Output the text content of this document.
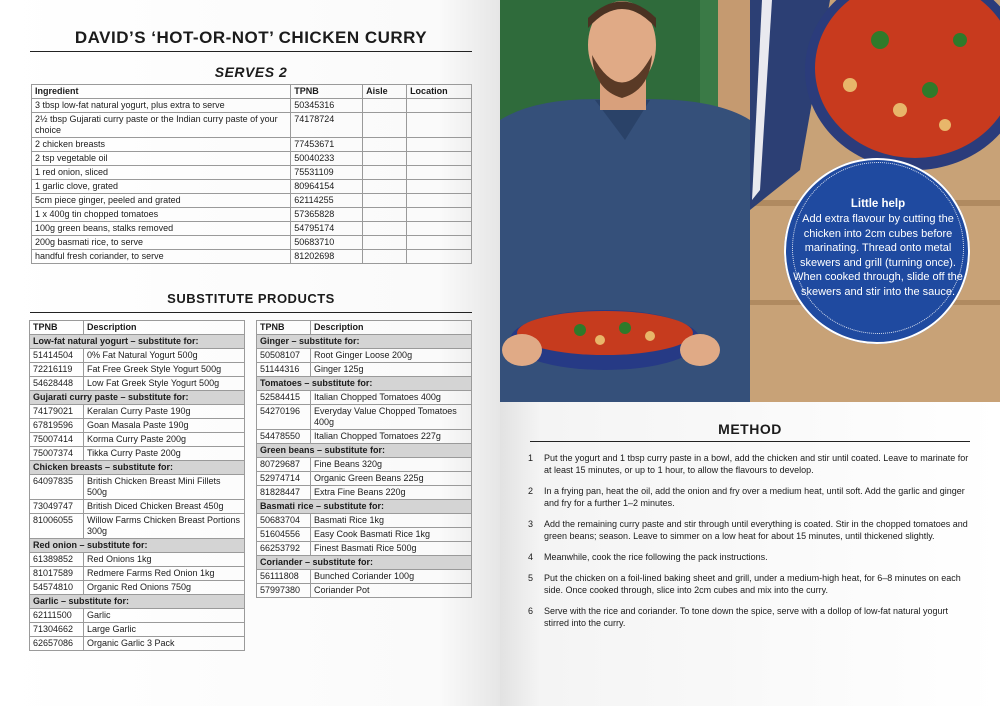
DAVID’S ‘HOT-OR-NOT’ CHICKEN CURRY
SERVES 2
Ingredient	TPNB	Aisle	Location
3 tbsp low-fat natural yogurt, plus extra to serve	50345316		
2½ tbsp Gujarati curry paste or the Indian curry paste of your choice	74178724		
2 chicken breasts	77453671		
2 tsp vegetable oil	50040233		
1 red onion, sliced	75531109		
1 garlic clove, grated	80964154		
5cm piece ginger, peeled and grated	62114255		
1 x 400g tin chopped tomatoes	57365828		
100g green beans, stalks removed	54795174		
200g basmati rice, to serve	50683710		
handful fresh coriander, to serve	81202698		
SUBSTITUTE PRODUCTS
TPNB	Description
Low-fat natural yogurt – substitute for:	
51414504	0% Fat Natural Yogurt 500g
72216119	Fat Free Greek Style Yogurt 500g
54628448	Low Fat Greek Style Yogurt 500g
Gujarati curry paste – substitute for:	
74179021	Keralan Curry Paste 190g
67819596	Goan Masala Paste 190g
75007414	Korma Curry Paste 200g
75007374	Tikka Curry Paste 200g
Chicken breasts – substitute for:	
64097835	British Chicken Breast Mini Fillets 500g
73049747	British Diced Chicken Breast 450g
81006055	Willow Farms Chicken Breast Portions 300g
Red onion – substitute for:	
61389852	Red Onions 1kg
81017589	Redmere Farms Red Onion 1kg
54574810	Organic Red Onions 750g
Garlic – substitute for:	
62111500	Garlic
71304662	Large Garlic
62657086	Organic Garlic 3 Pack
TPNB	Description
Ginger – substitute for:	
50508107	Root Ginger Loose 200g
51144316	Ginger 125g
Tomatoes – substitute for:	
52584415	Italian Chopped Tomatoes 400g
54270196	Everyday Value Chopped Tomatoes 400g
54478550	Italian Chopped Tomatoes 227g
Green beans – substitute for:	
80729687	Fine Beans 320g
52974714	Organic Green Beans 225g
81828447	Extra Fine Beans 220g
Basmati rice – substitute for:	
50683704	Basmati Rice 1kg
51604556	Easy Cook Basmati Rice 1kg
66253792	Finest Basmati Rice 500g
Coriander – substitute for:	
56111808	Bunched Coriander 100g
57997380	Coriander Pot
Little help
Add extra flavour by cutting the chicken into 2cm cubes before marinating. Thread onto metal skewers and grill (turning once). When cooked through, slide off the skewers and stir into the sauce.
METHOD
1	Put the yogurt and 1 tbsp curry paste in a bowl, add the chicken and stir until coated. Leave to marinate for at least 15 minutes, or up to 1 hour, to allow the flavours to develop.
2	In a frying pan, heat the oil, add the onion and fry over a medium heat, until soft. Add the garlic and ginger and fry for a further 1–2 minutes.
3	Add the remaining curry paste and stir through until everything is coated. Stir in the chopped tomatoes and green beans; season. Leave to simmer on a low heat for about 15 minutes, until thickened slightly.
4	Meanwhile, cook the rice following the pack instructions.
5	Put the chicken on a foil-lined baking sheet and grill, under a medium-high heat, for 6–8 minutes on each side. Once cooked through, slice into 2cm cubes and mix into the curry.
6	Serve with the rice and coriander. To tone down the spice, serve with a dollop of low-fat natural yogurt stirred into the curry.
